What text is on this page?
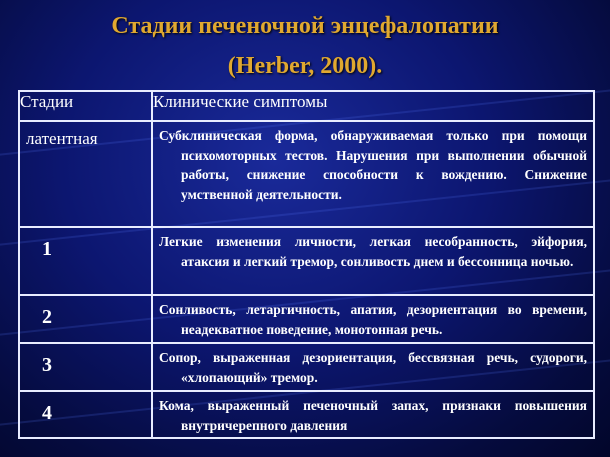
Стадии печеночной энцефалопатии
(Herber, 2000).
Стадии	Клинические симптомы
латентная	Субклиническая форма, обнаруживаемая только при помощи психомоторных тестов. Нарушения при выполнении обычной работы, снижение способности к вождению. Снижение умственной деятельности.

1	Легкие изменения личности, легкая несобранность, эйфория, атаксия и легкий тремор, сонливость днем и бессонница ночью.

2	Сонливость, летаргичность, апатия, дезориентация во времени, неадекватное поведение, монотонная речь.

3	Сопор, выраженная дезориентация, бессвязная речь, судороги, «хлопающий» тремор.

4	Кома, выраженный печеночный запах, признаки повышения внутричерепного давления
